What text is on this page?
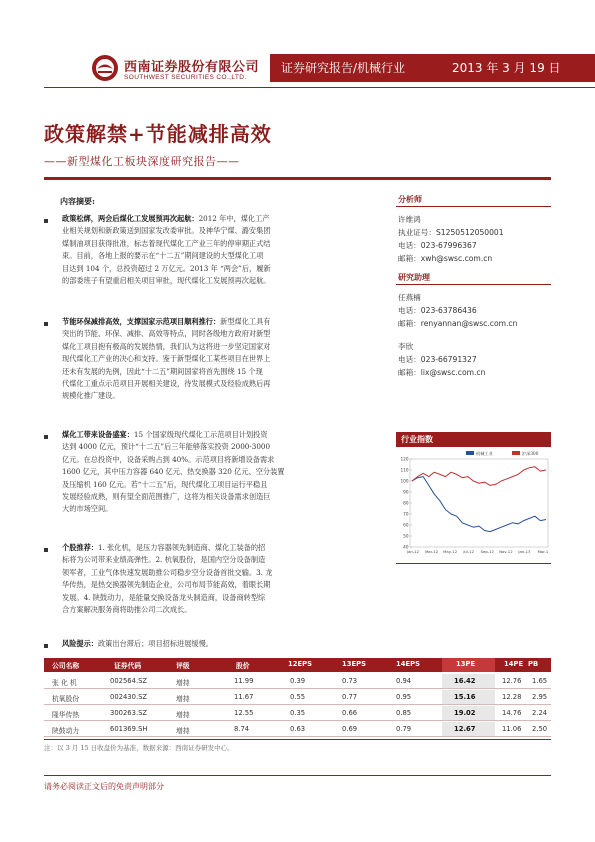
西南证券股份有限公司
SOUTHWEST SECURITIES CO.,LTD.
证券研究报告/机械行业	2013 年 3 月 19 日
政策解禁+节能减排高效
——新型煤化工板块深度研究报告——
内容摘要:
政策松绑，两会后煤化工发展预再次起航：2012 年中，煤化工产
业相关规划和新政策送到国家发改委审批。及神华宁煤、潞安集团
煤制油项目获得批准，标志着现代煤化工产业三年的停审期正式结
束。目前，各地上报的要示在“十二五”期间建设的大型煤化工项
目达到 104 个，总投资超过 2 万亿元。2013 年 “两会”后，履新
的部委班子有望重启相关项目审批，现代煤化工发展预再次起航。
节能环保减排高效，支撑国家示范项目顺利推行：新型煤化工具有
突出的节能、环保、减排、高效等特点，同时各级地方政府对新型
煤化工项目抱有极高的发展热情，我们认为这将进一步坚定国家对
现代煤化工产业的决心和支持。鉴于新型煤化工某些项目在世界上
还未有发展的先例，因此“十二五”期间国家将首先围绕 15 个现
代煤化工重点示范项目开展相关建设，待发展模式及经验成熟后再
规模化推广建设。
煤化工带来设备盛宴：15 个国家级现代煤化工示范项目计划投资
达到 4000 亿元，预计“十二五”后三年能够落实投资 2000-3000
亿元。在总投资中，设备采购占到 40%。示范项目将新增设备需求
1600 亿元，其中压力容器 640 亿元、热交换器 320 亿元、空分装置
及压缩机 160 亿元。若“十二五”后，现代煤化工项目运行平稳且
发展经验成熟，则有望全面范围推广，这将为相关设备需求创造巨
大的市场空间。
个股推荐：1. 张化机，是压力容器领先制造商、煤化工装备的招
标将为公司带来业绩高弹性。2. 杭氧股份，是国内空分设备制造
领军者，工业气体快速发展助推公司稳步空分设备首批交输。3. 龙
华传热，是热交换器领先制造企业，公司布局节能高效，着眼长期
发展。4. 陕鼓动力，是能量交换设备龙头制造商，设备商转型综
合方案解决服务商将助推公司二次成长。
风险提示：政策出台滞后；项目招标进展缓慢。
分析师
许维鸿
执业证号：S1250512050001
电话：023-67996367
邮箱：xwh@swsc.com.cn
研究助理
任燕楠
电话：023-63786436
邮箱：renyannan@swsc.com.cn
李欣
电话：023-66791327
邮箱：lix@swsc.com.cn
行业指数
120
110
100
90
80
70
60
50
40
Jan-12 Mar-12 May-12 Jul-12 Sep-12 Nov-12 Jan-13 Mar-1
机械工业	沪深300
公司名称	证券代码	评级	股价	12EPS	13EPS	14EPS	13PE	14PE PB
张 化 机	002564.SZ	增持	11.99	0.39	0.73	0.94	16.42	12.76 1.65
杭氧股份	002430.SZ	增持	11.67	0.55	0.77	0.95	15.16	12.28 2.95
隆华传热	300263.SZ	增持	12.55	0.35	0.66	0.85	19.02	14.76 2.24
陕鼓动力	601369.SH	增持	8.74	0.63	0.69	0.79	12.67	11.06 2.50
注：以 3 月 15 日收盘价为基准，数据来源：西南证券研发中心。
请务必阅读正文后的免责声明部分
